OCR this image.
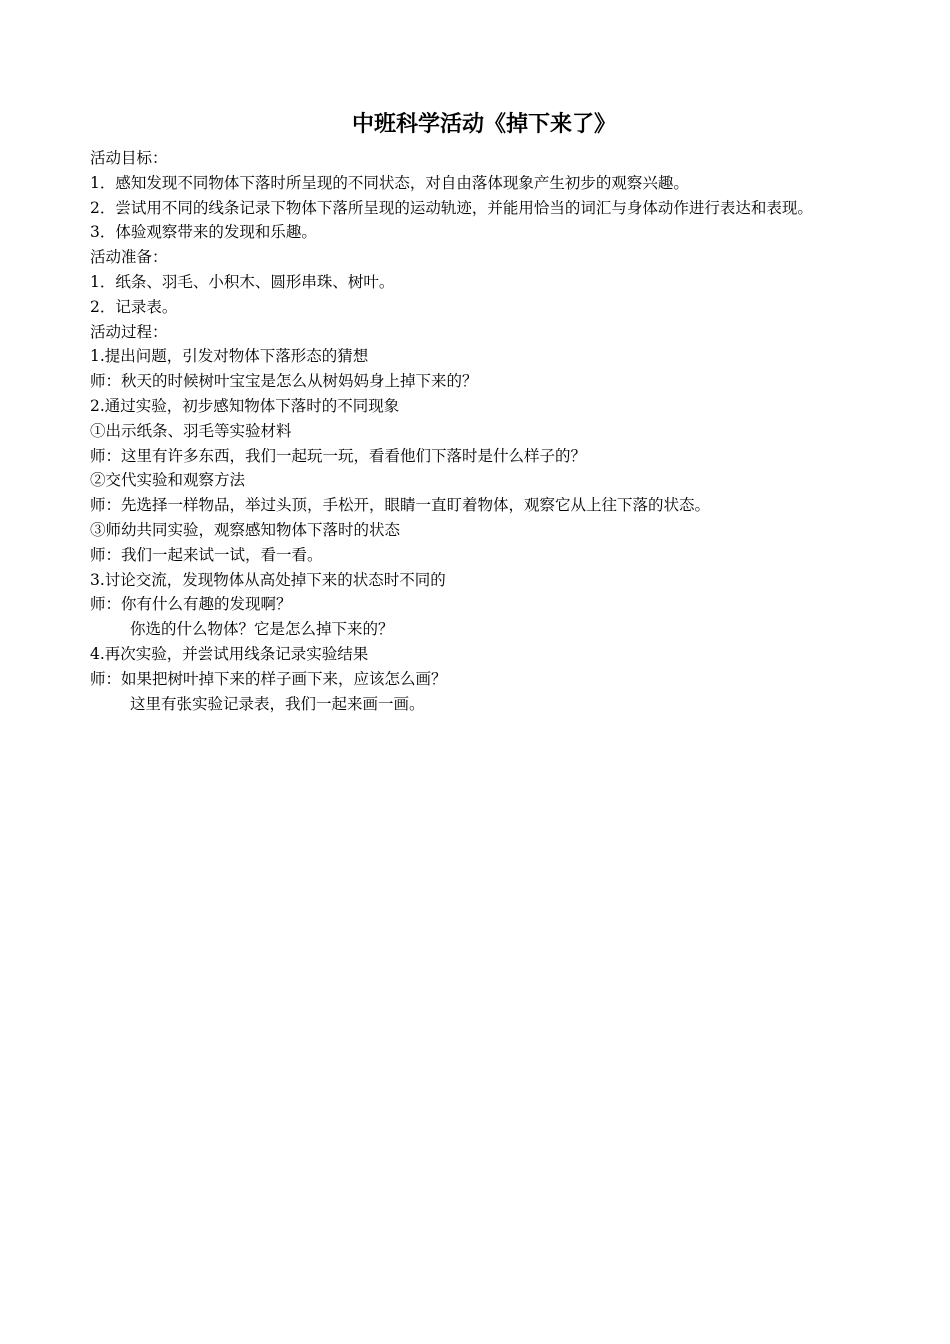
中班科学活动《掉下来了》

活动目标：

1．感知发现不同物体下落时所呈现的不同状态，对自由落体现象产生初步的观察兴趣。

2．尝试用不同的线条记录下物体下落所呈现的运动轨迹，并能用恰当的词汇与身体动作进行表达和表现。

3．体验观察带来的发现和乐趣。

活动准备：

1．纸条、羽毛、小积木、圆形串珠、树叶。

2．记录表。

活动过程：

1.提出问题，引发对物体下落形态的猜想

师：秋天的时候树叶宝宝是怎么从树妈妈身上掉下来的？

2.通过实验，初步感知物体下落时的不同现象

①出示纸条、羽毛等实验材料

师：这里有许多东西，我们一起玩一玩，看看他们下落时是什么样子的？

②交代实验和观察方法

师：先选择一样物品，举过头顶，手松开，眼睛一直盯着物体，观察它从上往下落的状态。

③师幼共同实验，观察感知物体下落时的状态

师：我们一起来试一试，看一看。

3.讨论交流，发现物体从高处掉下来的状态时不同的

师：你有什么有趣的发现啊？

你选的什么物体？它是怎么掉下来的？

4.再次实验，并尝试用线条记录实验结果

师：如果把树叶掉下来的样子画下来，应该怎么画？

这里有张实验记录表，我们一起来画一画。
